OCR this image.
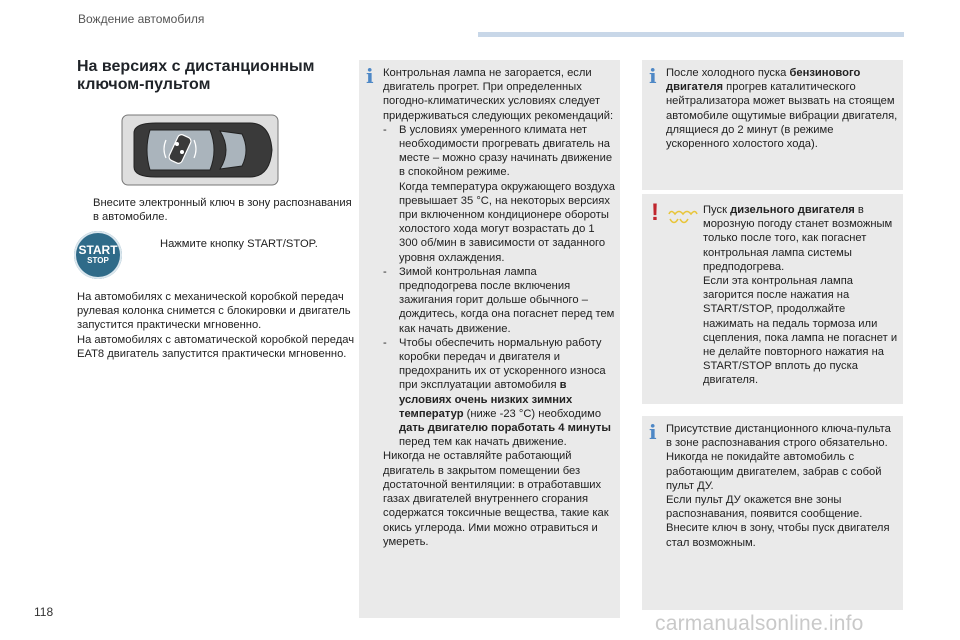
Вождение автомобиля
На версиях с дистанционным ключом-пультом
Внесите электронный ключ в зону распознавания в автомобиле.
START
STOP
Нажмите кнопку START/STOP.
На автомобилях с механической коробкой передач рулевая колонка снимется с блокировки и двигатель запустится практически мгновенно.
На автомобилях с автоматической коробкой передач EAT8 двигатель запустится практически мгновенно.
i Контрольная лампа не загорается, если двигатель прогрет. При определенных погодно-климатических условиях следует придерживаться следующих рекомендаций:
- В условиях умеренного климата нет необходимости прогревать двигатель на месте – можно сразу начинать движение в спокойном режиме.
Когда температура окружающего воздуха превышает 35 °С, на некоторых версиях при включенном кондиционере обороты холостого хода могут возрастать до 1 300 об/мин в зависимости от заданного уровня охлаждения.
- Зимой контрольная лампа предподогрева после включения зажигания горит дольше обычного – дождитесь, когда она погаснет перед тем как начать движение.
- Чтобы обеспечить нормальную работу коробки передач и двигателя и предохранить их от ускоренного износа при эксплуатации автомобиля в условиях очень низких зимних температур (ниже -23 °С) необходимо дать двигателю поработать 4 минуты перед тем как начать движение.
Никогда не оставляйте работающий двигатель в закрытом помещении без достаточной вентиляции: в отработавших газах двигателей внутреннего сгорания содержатся токсичные вещества, такие как окись углерода. Ими можно отравиться и умереть.
i После холодного пуска бензинового двигателя прогрев каталитического нейтрализатора может вызвать на стоящем автомобиле ощутимые вибрации двигателя, длящиеся до 2 минут (в режиме ускоренного холостого хода).
!	Пуск дизельного двигателя в морозную погоду станет возможным только после того, как погаснет контрольная лампа системы предподогрева.
Если эта контрольная лампа загорится после нажатия на START/STOP, продолжайте нажимать на педаль тормоза или сцепления, пока лампа не погаснет и не делайте повторного нажатия на START/STOP вплоть до пуска двигателя.
i Присутствие дистанционного ключа-пульта в зоне распознавания строго обязательно.
Никогда не покидайте автомобиль с работающим двигателем, забрав с собой пульт ДУ.
Если пульт ДУ окажется вне зоны распознавания, появится сообщение.
Внесите ключ в зону, чтобы пуск двигателя стал возможным.
118	carmanualsonline.info
